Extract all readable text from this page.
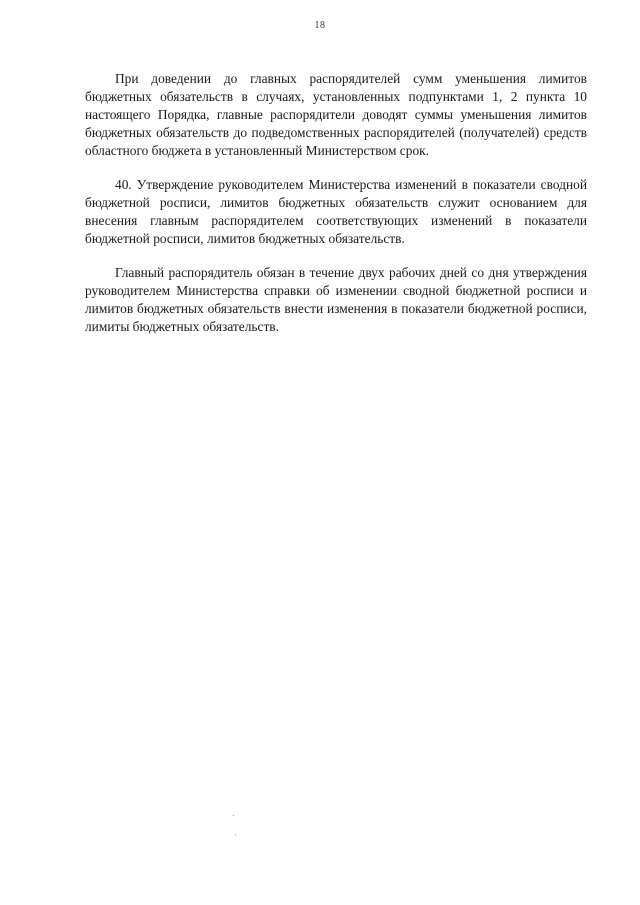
18

При доведении до главных распорядителей сумм уменьшения лимитов бюджетных обязательств в случаях, установленных подпунктами 1, 2 пункта 10 настоящего Порядка, главные распорядители доводят суммы уменьшения лимитов бюджетных обязательств до подведомственных распорядителей (получателей) средств областного бюджета в установленный Министерством срок.

40. Утверждение руководителем Министерства изменений в показатели сводной бюджетной росписи, лимитов бюджетных обязательств служит основанием для внесения главным распорядителем соответствующих изменений в показатели бюджетной росписи, лимитов бюджетных обязательств.

Главный распорядитель обязан в течение двух рабочих дней со дня утверждения руководителем Министерства справки об изменении сводной бюджетной росписи и лимитов бюджетных обязательств внести изменения в показатели бюджетной росписи, лимиты бюджетных обязательств.
